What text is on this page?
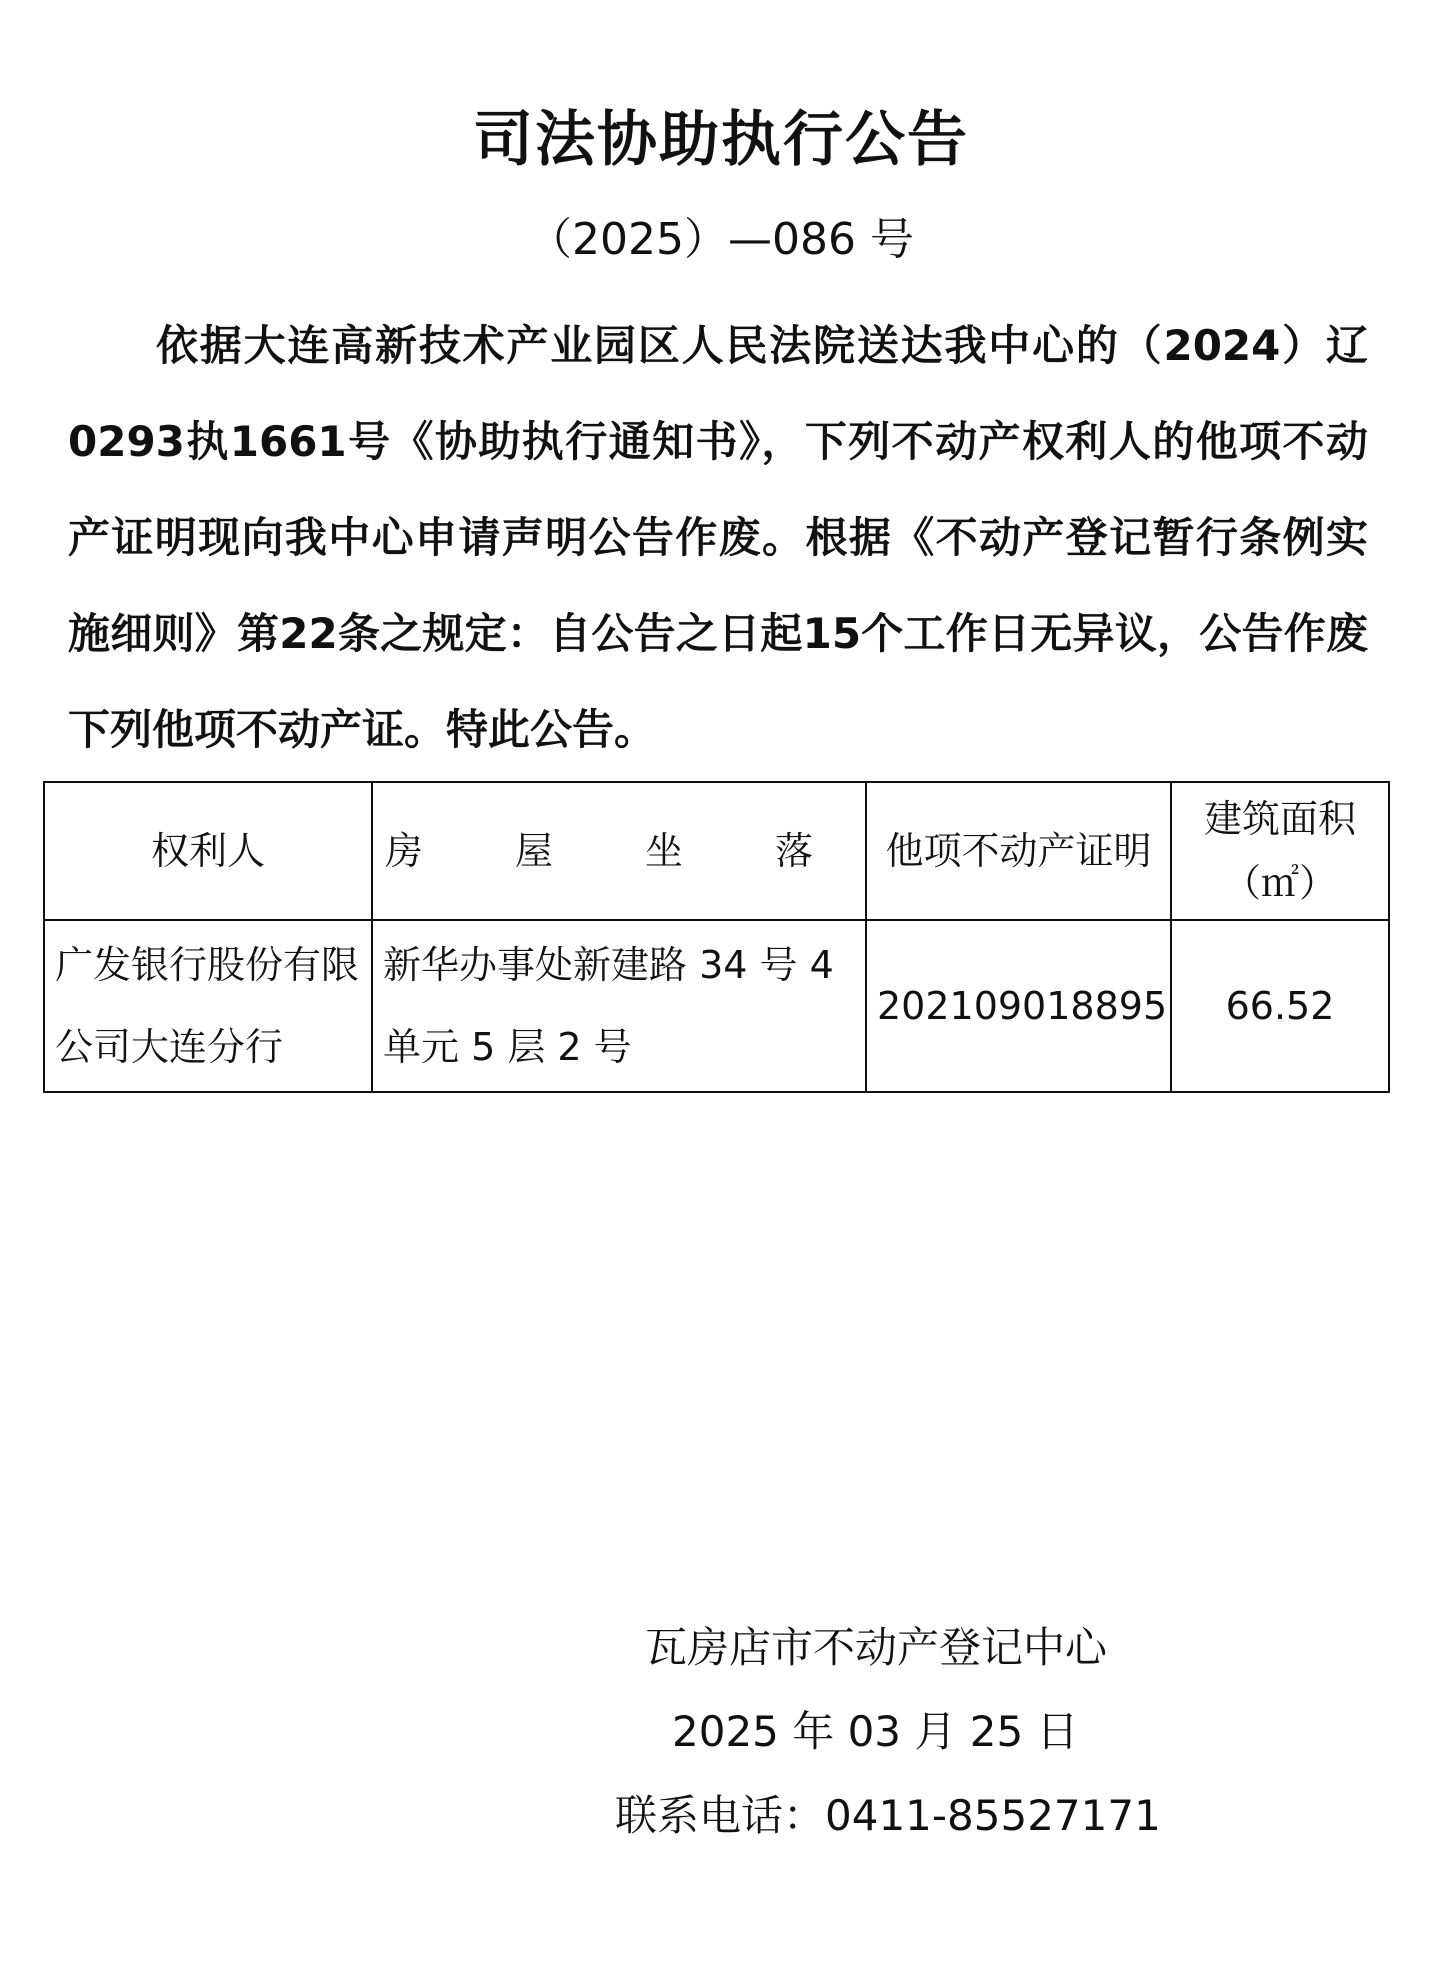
司法协助执行公告
（2025）—086 号

依据大连高新技术产业园区人民法院送达我中心的（2024）辽0293执1661号《协助执行通知书》，下列不动产权利人的他项不动产证明现向我中心申请声明公告作废。根据《不动产登记暂行条例实施细则》第22条之规定：自公告之日起15个工作日无异议，公告作废下列他项不动产证。特此公告。

权利人	房 屋 坐 落	他项不动产证明	建筑面积（㎡）
广发银行股份有限公司大连分行	新华办事处新建路 34 号 4 单元 5 层 2 号	202109018895	66.52
瓦房店市不动产登记中心
2025 年 03 月 25 日
联系电话：0411-85527171
